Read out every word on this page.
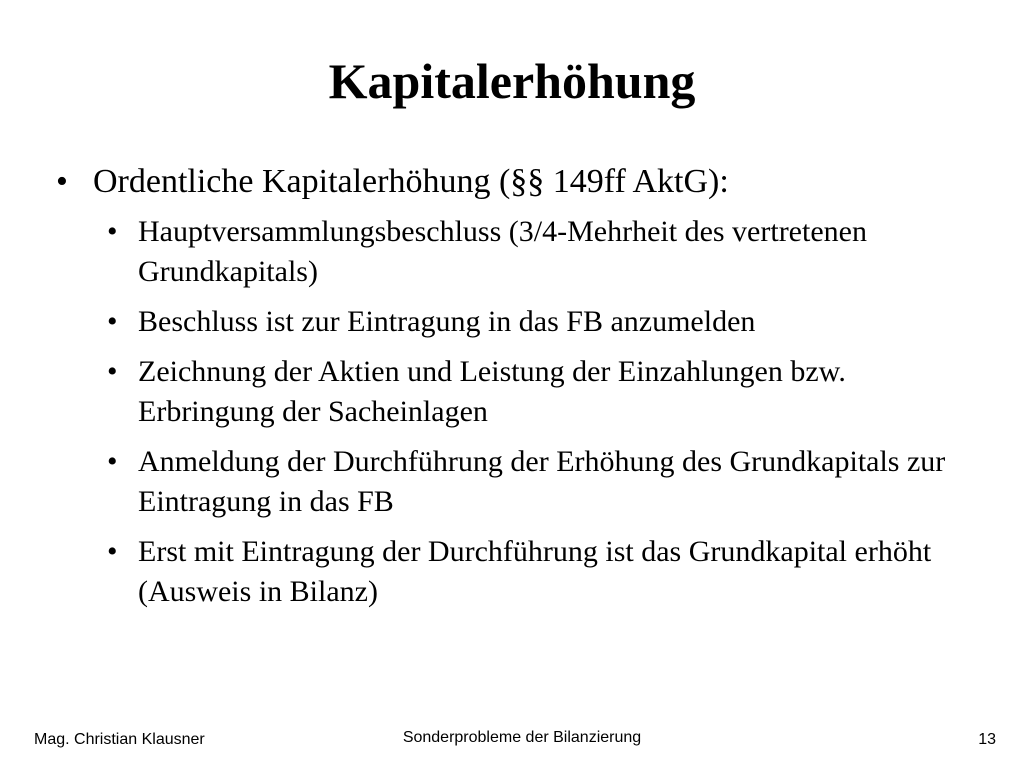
Kapitalerhöhung
• Ordentliche Kapitalerhöhung (§§ 149ff AktG):
• Hauptversammlungsbeschluss (3/4-Mehrheit des vertretenen Grundkapitals)
• Beschluss ist zur Eintragung in das FB anzumelden
• Zeichnung der Aktien und Leistung der Einzahlungen bzw. Erbringung der Sacheinlagen
• Anmeldung der Durchführung der Erhöhung des Grundkapitals zur Eintragung in das FB
• Erst mit Eintragung der Durchführung ist das Grundkapital erhöht (Ausweis in Bilanz)
Mag. Christian Klausner	Sonderprobleme der Bilanzierung	13
